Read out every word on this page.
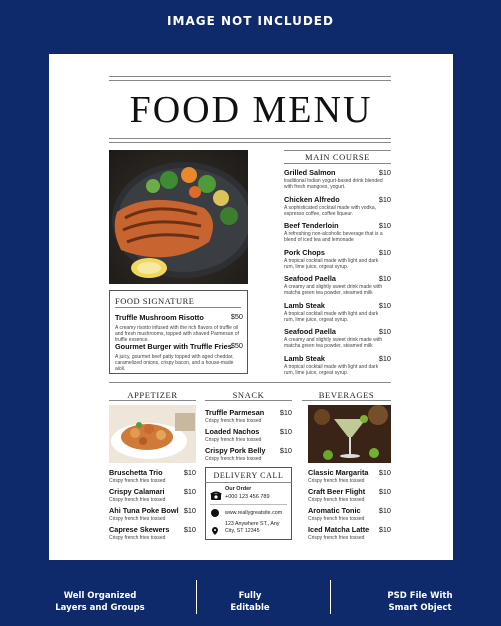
IMAGE NOT INCLUDED
FOOD MENU
FOOD SIGNATURE
Truffle Mushroom Risotto	$50
A creamy risotto infused with the rich flavors of truffle oil and fresh mushrooms, topped with shaved Parmesan of truffle essence.
Gourmet Burger with Truffle Fries $50
A juicy, gourmet beef patty topped with aged cheddar, caramelized onions, crispy bacon, and a house-made aioli.
MAIN COURSE
APPETIZER	SNACK
DELIVERY CALL
Our Order
+000 123 456 789
www.reallygreatsite.com
123 Anywhere ST., Any City, ST 12345
BEVERAGES
Grilled Salmon	$10
traditional Indian yogurt-based drink blended with fresh mangoes, yogurt.
Chicken Alfredo	$10
A sophisticated cocktail made with vodka, espresso coffee, coffee liqueur.
Beef Tenderloin	$10
A refreshing non-alcoholic beverage that is a blend of iced tea and lemonade
Pork Chops	$10
A tropical cocktail made with light and dark rum, lime juice, orgeat syrup.
Seafood Paella	$10
A creamy and slightly sweet drink made with matcha green tea powder, steamed milk
Lamb Steak	$10
A tropical cocktail made with light and dark rum, lime juice, orgeat syrup.
Seafood Paella	$10
A creamy and slightly sweet drink made with matcha green tea powder, steamed milk
Lamb Steak	$10
A tropical cocktail made with light and dark rum, lime juice, orgeat syrup.
Bruschetta Trio	$10
Crispy french fries tossed
Crispy Calamari	$10
Crispy french fries tossed
Ahi Tuna Poke Bowl $10
Crispy french fries tossed
Caprese Skewers	$10
Crispy french fries tossed
Truffle Parmesan	$10
Crispy french fries tossed
Loaded Nachos	$10
Crispy french fries tossed
Crispy Pork Belly	$10
Crispy french fries tossed
Classic Margarita	$10
Crispy french fries tossed
Craft Beer Flight	$10
Crispy french fries tossed
Aromatic Tonic	$10
Crispy french fries tossed
Iced Matcha Latte	$10
Crispy french fries tossed
Well Organized
Layers and Groups
Fully
Editable
PSD File With
Smart Object
